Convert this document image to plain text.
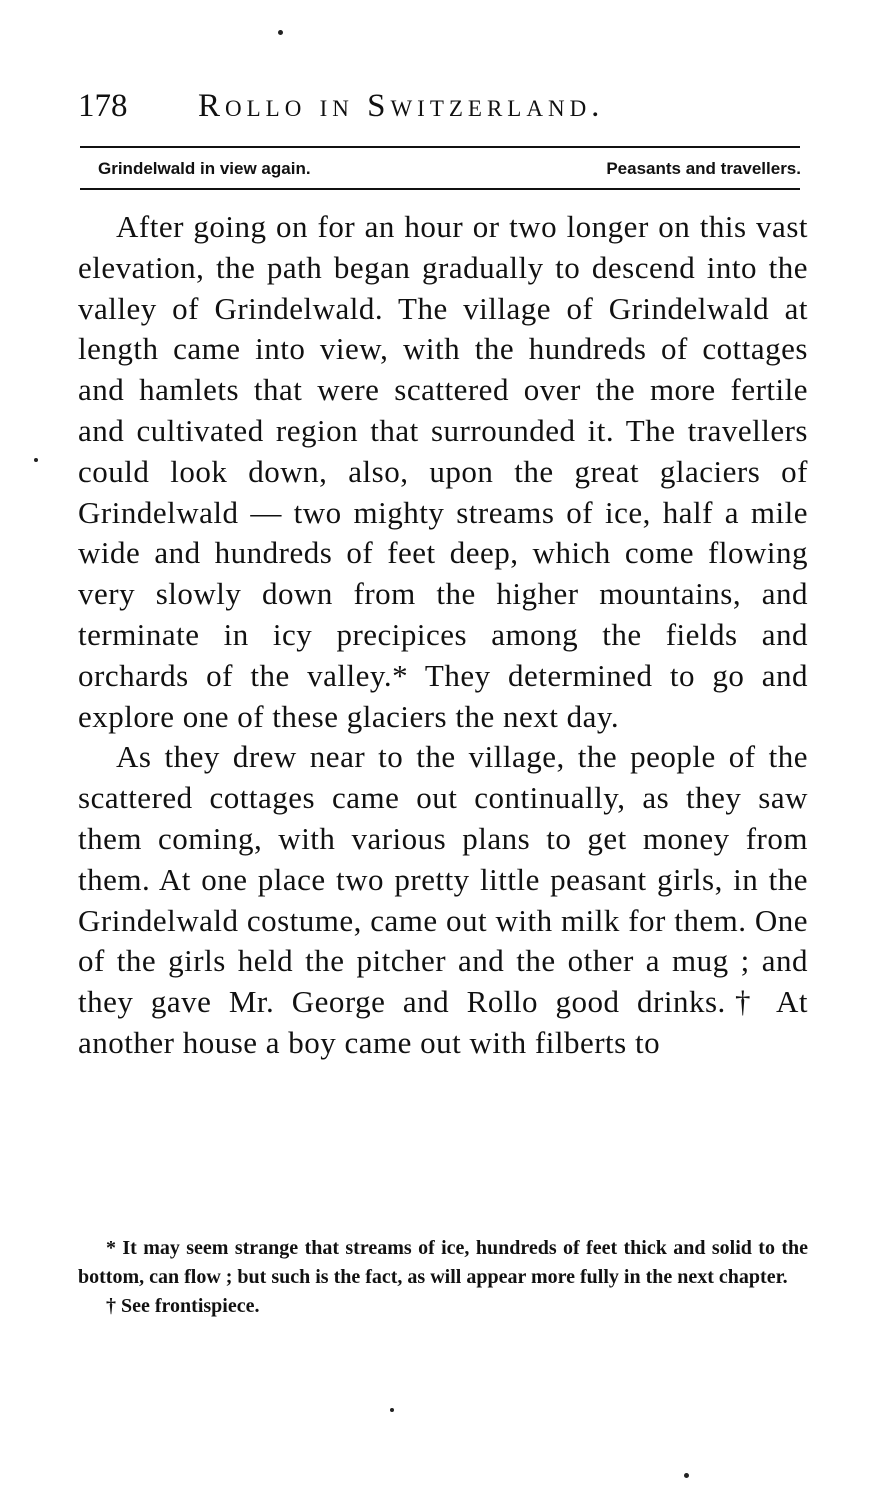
178 Rollo in Switzerland.
Grindelwald in view again.	Peasants and travellers.

After going on for an hour or two longer on this vast elevation, the path began gradually to descend into the valley of Grindelwald. The village of Grindelwald at length came into view, with the hundreds of cottages and hamlets that were scattered over the more fertile and cultivated region that surrounded it. The travellers could look down, also, upon the great glaciers of Grindelwald — two mighty streams of ice, half a mile wide and hundreds of feet deep, which come flowing very slowly down from the higher mountains, and terminate in icy precipices among the fields and orchards of the valley.* They determined to go and explore one of these glaciers the next day.

As they drew near to the village, the people of the scattered cottages came out continually, as they saw them coming, with various plans to get money from them. At one place two pretty little peasant girls, in the Grindelwald costume, came out with milk for them. One of the girls held the pitcher and the other a mug ; and they gave Mr. George and Rollo good drinks.† At another house a boy came out with filberts to

* It may seem strange that streams of ice, hundreds of feet thick and solid to the bottom, can flow ; but such is the fact, as will appear more fully in the next chapter.

† See frontispiece.
